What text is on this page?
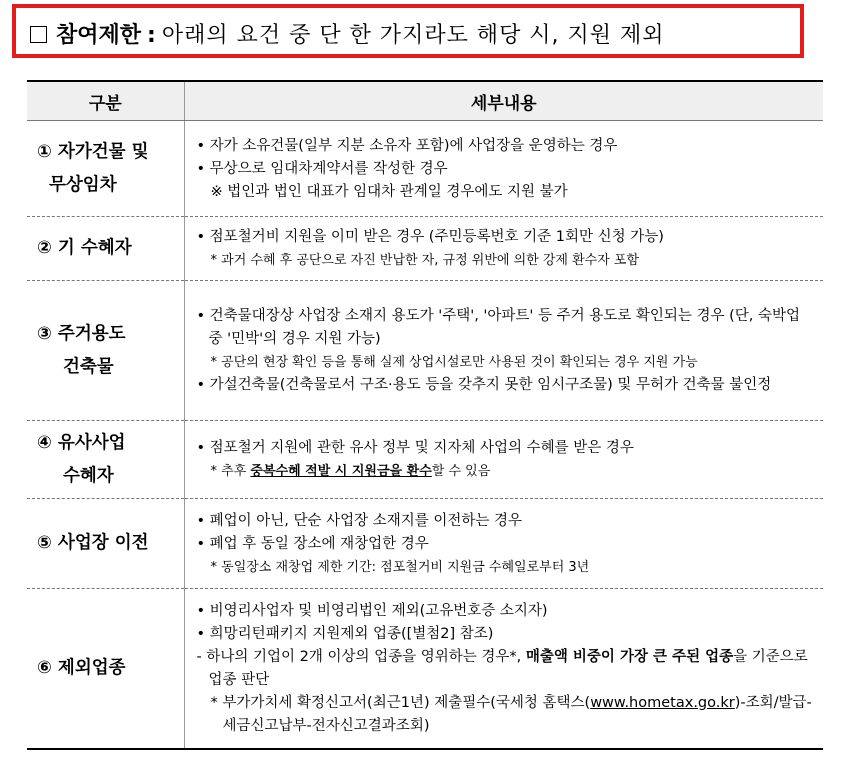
참여제한 : 아래의 요건 중 단 한 가지라도 해당 시, 지원 제외
구분	세부내용

① 자가건물 및
무상임차	• 자가 소유건물(일부 지분 소유자 포함)에 사업장을 운영하는 경우
• 무상으로 임대차계약서를 작성한 경우
※ 법인과 법인 대표가 임대차 관계일 경우에도 지원 불가

② 기 수혜자	• 점포철거비 지원을 이미 받은 경우 (주민등록번호 기준 1회만 신청 가능)
* 과거 수혜 후 공단으로 자진 반납한 자, 규정 위반에 의한 강제 환수자 포함

③ 주거용도
건축물	• 건축물대장상 사업장 소재지 용도가 '주택', '아파트' 등 주거 용도로 확인되는 경우 (단, 숙박업 중 '민박'의 경우 지원 가능)
* 공단의 현장 확인 등을 통해 실제 상업시설로만 사용된 것이 확인되는 경우 지원 가능
• 가설건축물(건축물로서 구조·용도 등을 갖추지 못한 임시구조물) 및 무허가 건축물 불인정

④ 유사사업
수혜자	• 점포철거 지원에 관한 유사 정부 및 지자체 사업의 수혜를 받은 경우
* 추후 중복수혜 적발 시 지원금을 환수할 수 있음

⑤ 사업장 이전	• 폐업이 아닌, 단순 사업장 소재지를 이전하는 경우
• 폐업 후 동일 장소에 재창업한 경우
* 동일장소 재창업 제한 기간: 점포철거비 지원금 수혜일로부터 3년

⑥ 제외업종	• 비영리사업자 및 비영리법인 제외(고유번호증 소지자)
• 희망리턴패키지 지원제외 업종([별첨2] 참조)
- 하나의 기업이 2개 이상의 업종을 영위하는 경우*, 매출액 비중이 가장 큰 주된 업종을 기준으로 업종 판단
* 부가가치세 확정신고서(최근1년) 제출필수(국세청 홈택스(www.hometax.go.kr)-조회/발급-세금신고납부-전자신고결과조회)
